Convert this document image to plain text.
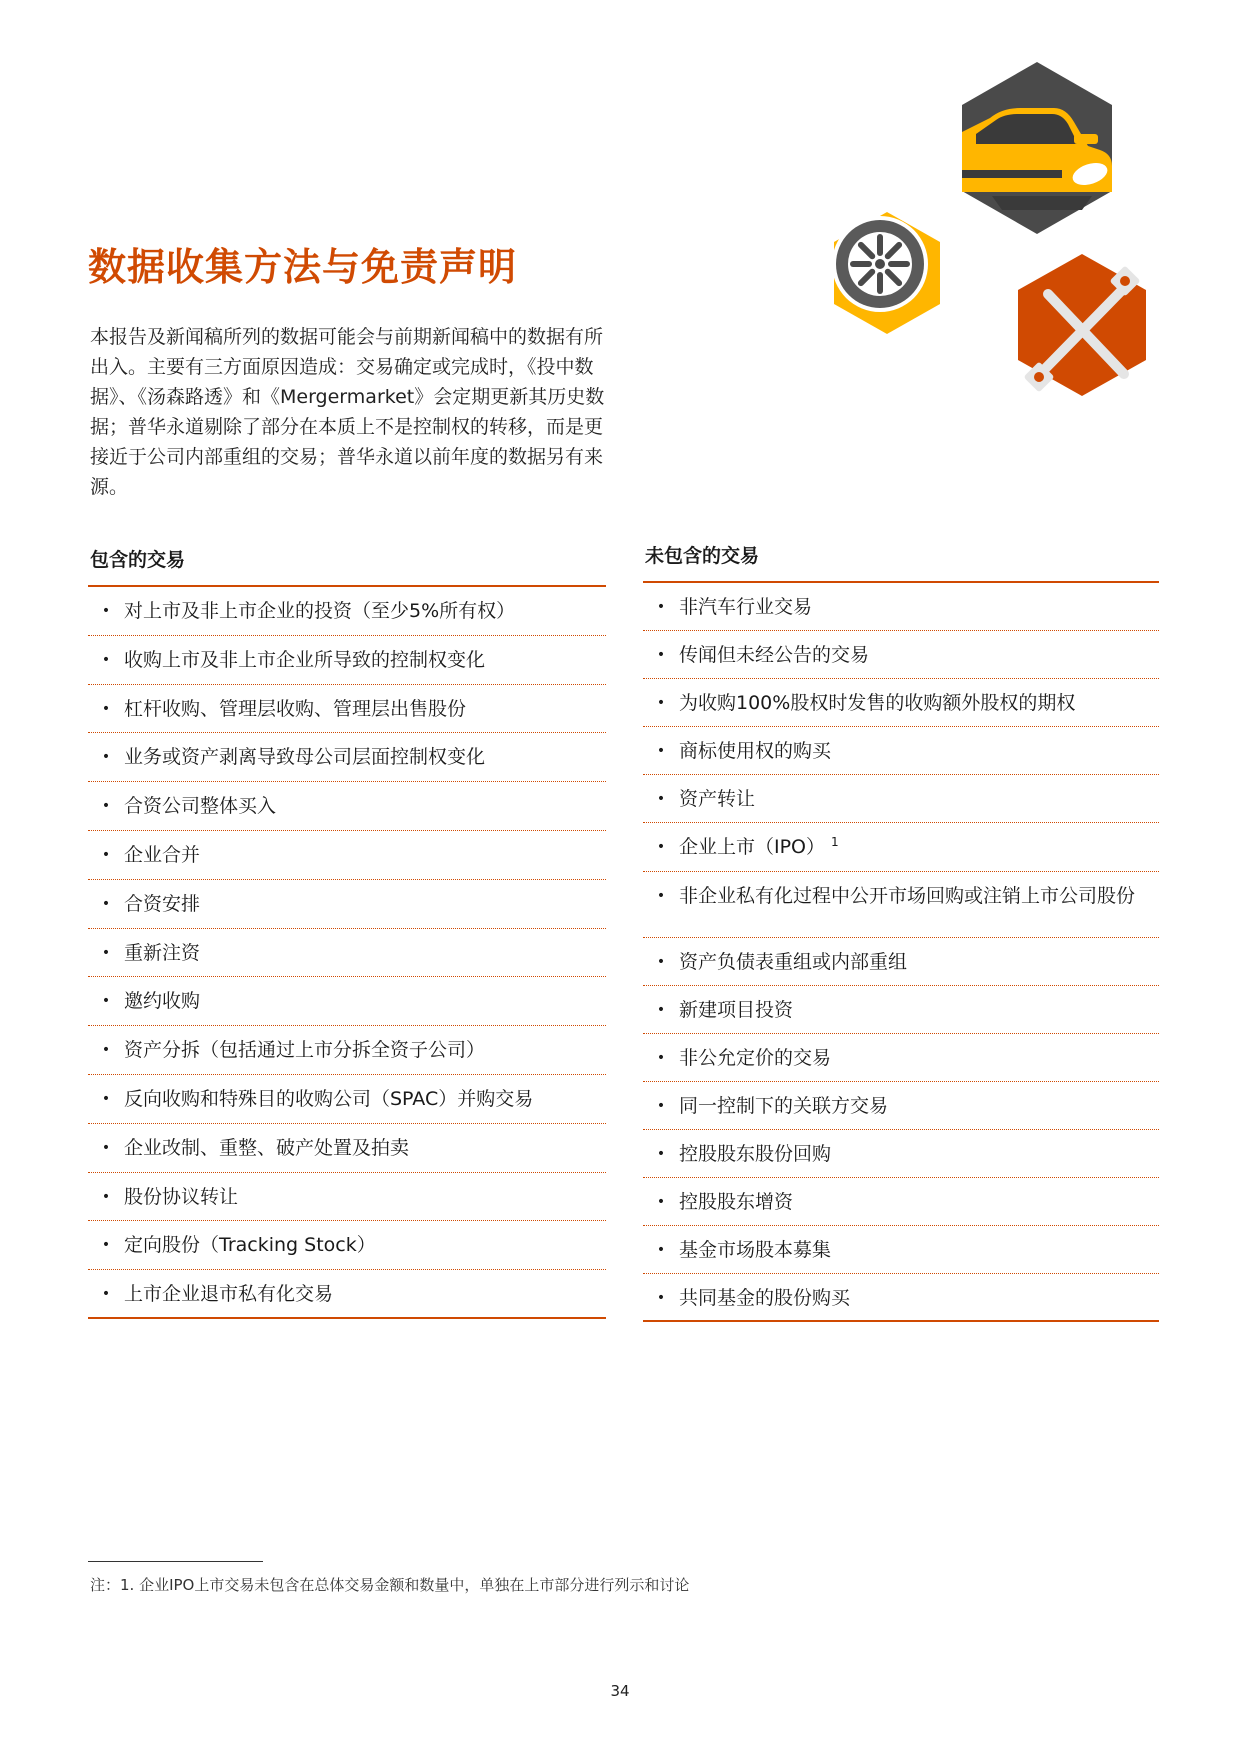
数据收集方法与免责声明
本报告及新闻稿所列的数据可能会与前期新闻稿中的数据有所出入。主要有三方面原因造成：交易确定或完成时，《投中数据》、《汤森路透》和《Mergermarket》会定期更新其历史数据；普华永道剔除了部分在本质上不是控制权的转移，而是更接近于公司内部重组的交易；普华永道以前年度的数据另有来源。
包含的交易
• 对上市及非上市企业的投资（至少5%所有权）
• 收购上市及非上市企业所导致的控制权变化
• 杠杆收购、管理层收购、管理层出售股份
• 业务或资产剥离导致母公司层面控制权变化
• 合资公司整体买入
• 企业合并
• 合资安排
• 重新注资
• 邀约收购
• 资产分拆（包括通过上市分拆全资子公司）
• 反向收购和特殊目的收购公司（SPAC）并购交易
• 企业改制、重整、破产处置及拍卖
• 股份协议转让
• 定向股份（Tracking Stock）
• 上市企业退市私有化交易
未包含的交易
• 非汽车行业交易
• 传闻但未经公告的交易
• 为收购100%股权时发售的收购额外股权的期权
• 商标使用权的购买
• 资产转让
• 企业上市（IPO） $^1$
• 非企业私有化过程中公开市场回购或注销上市公司股份
• 资产负债表重组或内部重组
• 新建项目投资
• 非公允定价的交易
• 同一控制下的关联方交易
• 控股股东股份回购
• 控股股东增资
• 基金市场股本募集
• 共同基金的股份购买
注：1. 企业IPO上市交易未包含在总体交易金额和数量中，单独在上市部分进行列示和讨论
34
